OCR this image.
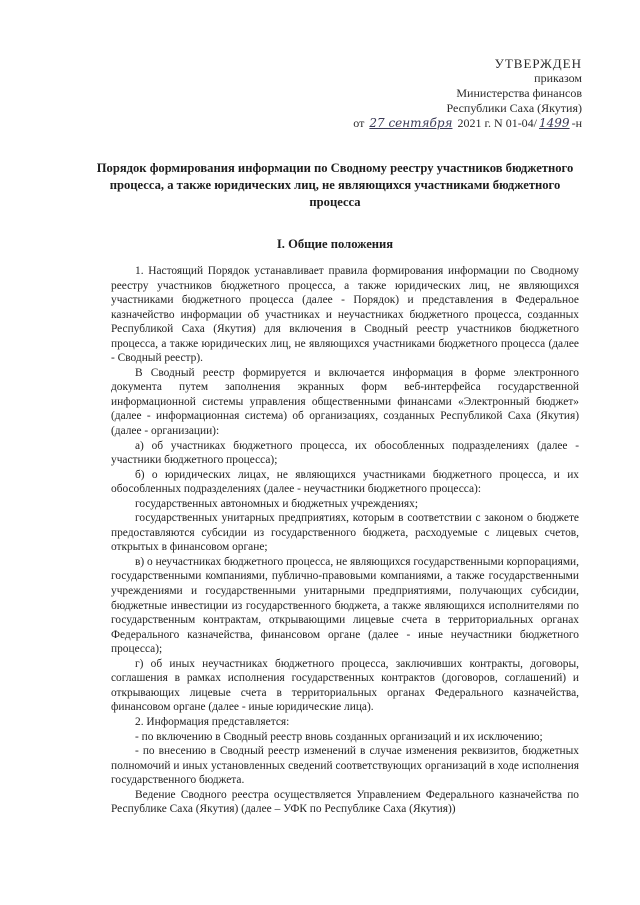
УТВЕРЖДЕН
приказом
Министерства финансов
Республики Саха (Якутия)
от 27 сентября 2021 г. N 01-04/ 1499 -н
Порядок формирования информации по Сводному реестру участников бюджетного процесса, а также юридических лиц, не являющихся участниками бюджетного процесса
I. Общие положения

1. Настоящий Порядок устанавливает правила формирования информации по Сводному реестру участников бюджетного процесса, а также юридических лиц, не являющихся участниками бюджетного процесса (далее - Порядок) и представления в Федеральное казначейство информации об участниках и неучастниках бюджетного процесса, созданных Республикой Саха (Якутия) для включения в Сводный реестр участников бюджетного процесса, а также юридических лиц, не являющихся участниками бюджетного процесса (далее - Сводный реестр).

В Сводный реестр формируется и включается информация в форме электронного документа путем заполнения экранных форм веб-интерфейса государственной информационной системы управления общественными финансами «Электронный бюджет» (далее - информационная система) об организациях, созданных Республикой Саха (Якутия) (далее - организации):

а) об участниках бюджетного процесса, их обособленных подразделениях (далее - участники бюджетного процесса);

б) о юридических лицах, не являющихся участниками бюджетного процесса, и их обособленных подразделениях (далее - неучастники бюджетного процесса):

государственных автономных и бюджетных учреждениях;

государственных унитарных предприятиях, которым в соответствии с законом о бюджете предоставляются субсидии из государственного бюджета, расходуемые с лицевых счетов, открытых в финансовом органе;

в) о неучастниках бюджетного процесса, не являющихся государственными корпорациями, государственными компаниями, публично-правовыми компаниями, а также государственными учреждениями и государственными унитарными предприятиями, получающих субсидии, бюджетные инвестиции из государственного бюджета, а также являющихся исполнителями по государственным контрактам, открывающими лицевые счета в территориальных органах Федерального казначейства, финансовом органе (далее - иные неучастники бюджетного процесса);

г) об иных неучастниках бюджетного процесса, заключивших контракты, договоры, соглашения в рамках исполнения государственных контрактов (договоров, соглашений) и открывающих лицевые счета в территориальных органах Федерального казначейства, финансовом органе (далее - иные юридические лица).

2. Информация представляется:

- по включению в Сводный реестр вновь созданных организаций и их исключению;

- по внесению в Сводный реестр изменений в случае изменения реквизитов, бюджетных полномочий и иных установленных сведений соответствующих организаций в ходе исполнения государственного бюджета.

Ведение Сводного реестра осуществляется Управлением Федерального казначейства по Республике Саха (Якутия) (далее – УФК по Республике Саха (Якутия))
